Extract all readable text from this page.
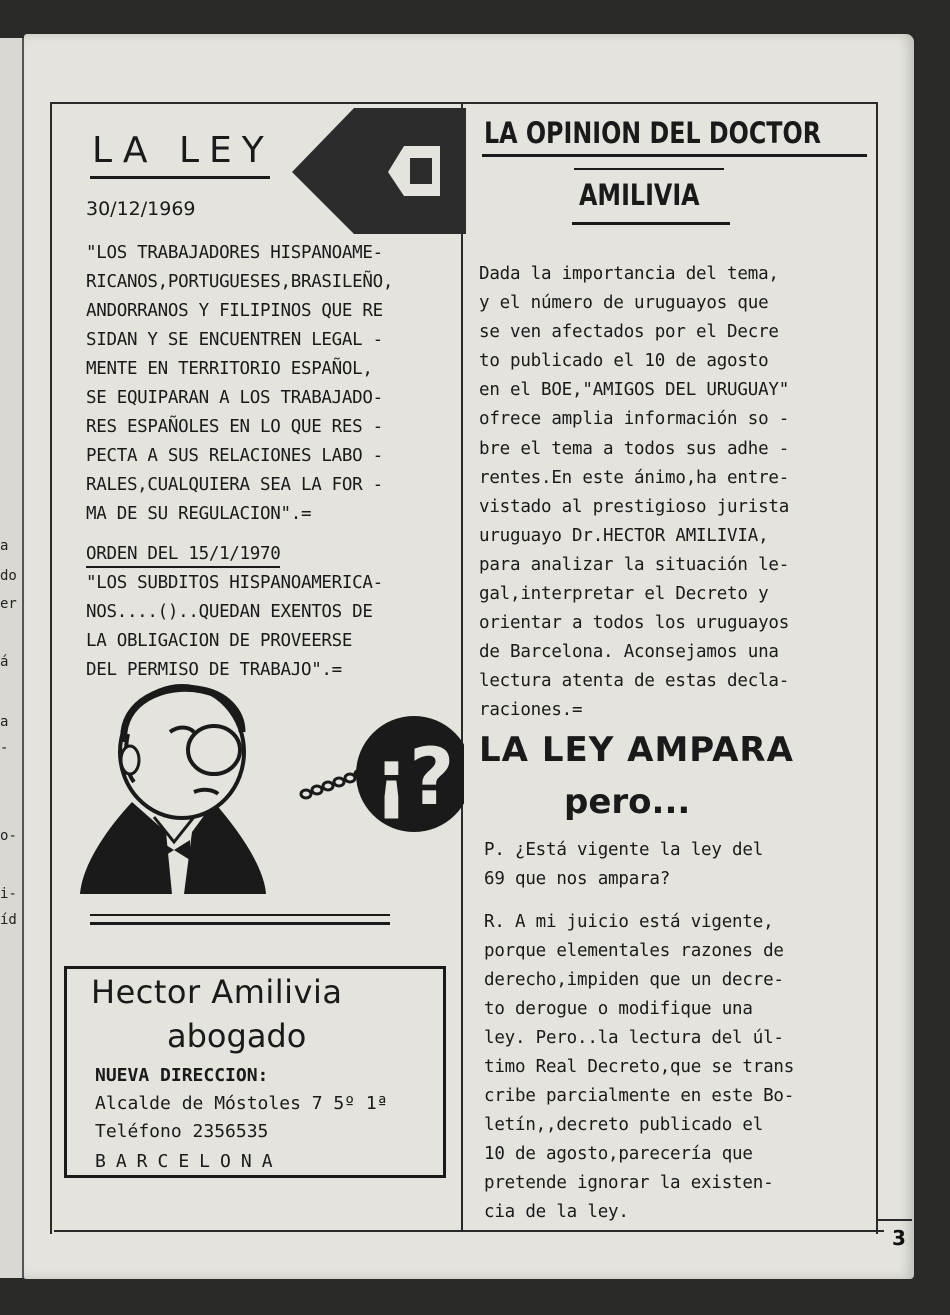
a
do
er
á
a
-
o-
i-
íd
LA LEY
30/12/1969
"LOS TRABAJADORES HISPANOAME-
RICANOS,PORTUGUESES,BRASILEÑO,
ANDORRANOS Y FILIPINOS QUE RE
SIDAN Y SE ENCUENTREN LEGAL -
MENTE EN TERRITORIO ESPAÑOL,
SE EQUIPARAN A LOS TRABAJADO-
RES ESPAÑOLES EN LO QUE RES -
PECTA A SUS RELACIONES LABO -
RALES,CUALQUIERA SEA LA FOR -
MA DE SU REGULACION".=
ORDEN DEL 15/1/1970
"LOS SUBDITOS HISPANOAMERICA-
NOS....()..QUEDAN EXENTOS DE
LA OBLIGACION DE PROVEERSE
DEL PERMISO DE TRABAJO".=
¡?
Hector Amilivia
abogado
NUEVA DIRECCION:
Alcalde de Móstoles 7 5º 1ª
Teléfono 2356535
BARCELONA
LA OPINION DEL DOCTOR
AMILIVIA
Dada la importancia del tema,
y el número de uruguayos que
se ven afectados por el Decre
to publicado el 10 de agosto
en el BOE,"AMIGOS DEL URUGUAY"
ofrece amplia información so -
bre el tema a todos sus adhe -
rentes.En este ánimo,ha entre-
vistado al prestigioso jurista
uruguayo Dr.HECTOR AMILIVIA,
para analizar la situación le-
gal,interpretar el Decreto y
orientar a todos los uruguayos
de Barcelona. Aconsejamos una
lectura atenta de estas decla-
raciones.=
LA LEY AMPARA
pero...
P. ¿Está vigente la ley del
69 que nos ampara?
R. A mi juicio está vigente,
porque elementales razones de
derecho,impiden que un decre-
to derogue o modifique una
ley. Pero..la lectura del úl-
timo Real Decreto,que se trans
cribe parcialmente en este Bo-
letín,,decreto publicado el
10 de agosto,parecería que
pretende ignorar la existen-
cia de la ley.
3
